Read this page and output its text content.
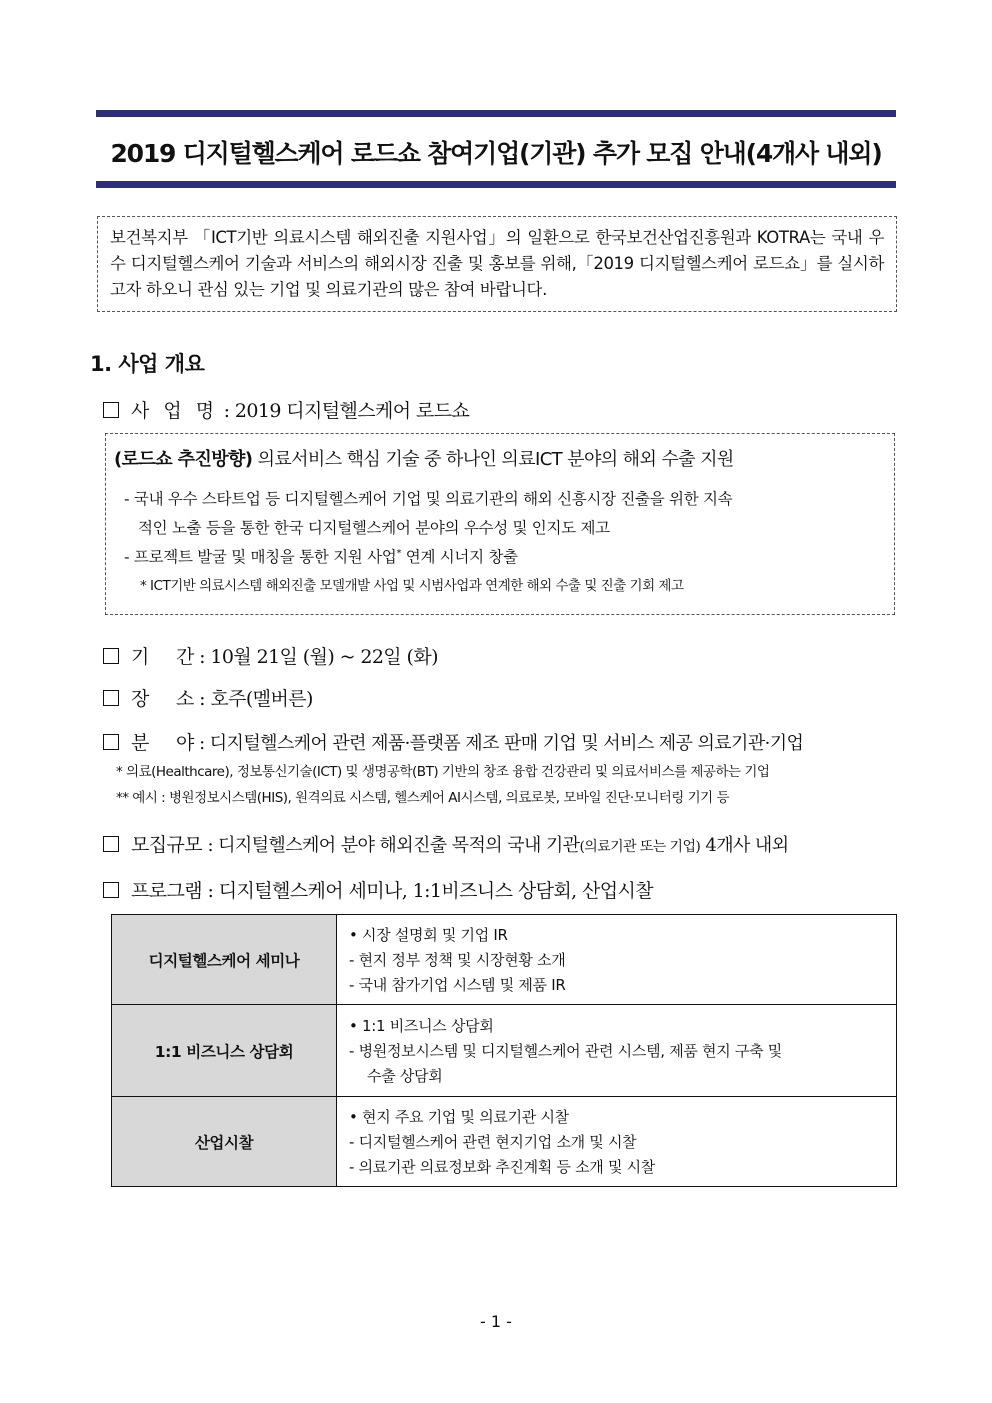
2019 디지털헬스케어 로드쇼 참여기업(기관) 추가 모집 안내(4개사 내외)
보건복지부 「ICT기반 의료시스템 해외진출 지원사업」의 일환으로 한국보건산업진흥원과 KOTRA는 국내 우수 디지털헬스케어 기술과 서비스의 해외시장 진출 및 홍보를 위해,「2019 디지털헬스케어 로드쇼」를 실시하고자 하오니 관심 있는 기업 및 의료기관의 많은 참여 바랍니다.
1. 사업 개요
사 업 명 : 2019 디지털헬스케어 로드쇼
(로드쇼 추진방향) 의료서비스 핵심 기술 중 하나인 의료ICT 분야의 해외 수출 지원
- 국내 우수 스타트업 등 디지털헬스케어 기업 및 의료기관의 해외 신흥시장 진출을 위한 지속
적인 노출 등을 통한 한국 디지털헬스케어 분야의 우수성 및 인지도 제고
- 프로젝트 발굴 및 매칭을 통한 지원 사업* 연계 시너지 창출
* ICT기반 의료시스템 해외진출 모델개발 사업 및 시범사업과 연계한 해외 수출 및 진출 기회 제고
기     간 : 10월 21일 (월) ~ 22일 (화)
장     소 : 호주(멜버른)
분     야 : 디지털헬스케어 관련 제품·플랫폼 제조 판매 기업 및 서비스 제공 의료기관·기업
* 의료(Healthcare), 정보통신기술(ICT) 및 생명공학(BT) 기반의 창조 융합 건강관리 및 의료서비스를 제공하는 기업
** 예시 : 병원정보시스템(HIS), 원격의료 시스템, 헬스케어 AI시스템, 의료로봇, 모바일 진단·모니터링 기기 등
모집규모 : 디지털헬스케어 분야 해외진출 목적의 국내 기관(의료기관 또는 기업) 4개사 내외
프로그램 : 디지털헬스케어 세미나, 1:1비즈니스 상담회, 산업시찰
디지털헬스케어 세미나	• 시장 설명회 및 기업 IR
- 현지 정부 정책 및 시장현황 소개
- 국내 참가기업 시스템 및 제품 IR

1:1 비즈니스 상담회	• 1:1 비즈니스 상담회
- 병원정보시스템 및 디지털헬스케어 관련 시스템, 제품 현지 구축 및
수출 상담회

산업시찰	• 현지 주요 기업 및 의료기관 시찰
- 디지털헬스케어 관련 현지기업 소개 및 시찰
- 의료기관 의료정보화 추진계획 등 소개 및 시찰
- 1 -
